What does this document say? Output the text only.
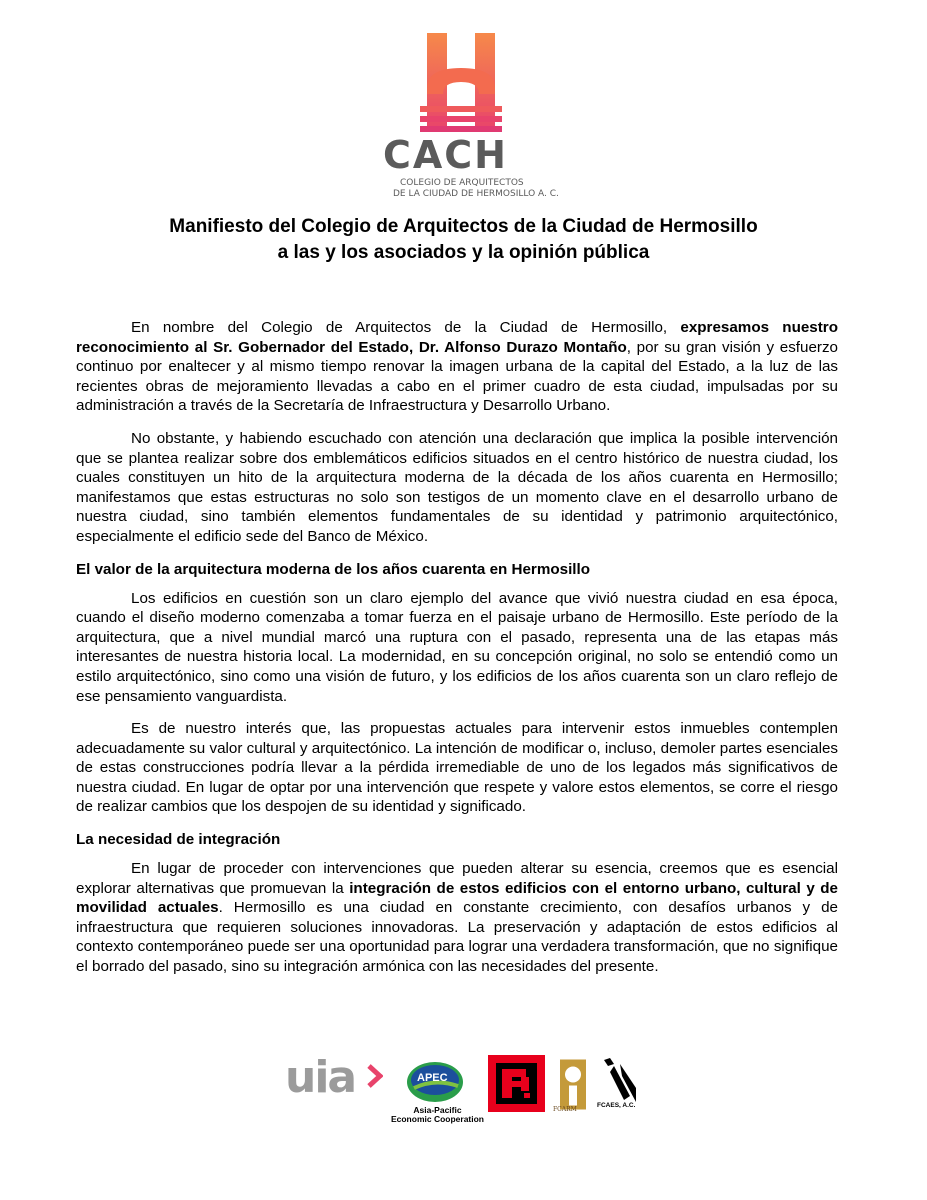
CACH
COLEGIO DE ARQUITECTOS
DE LA CIUDAD DE HERMOSILLO A. C.
Manifiesto del Colegio de Arquitectos de la Ciudad de Hermosillo
a las y los asociados y la opinión pública

En nombre del Colegio de Arquitectos de la Ciudad de Hermosillo, expresamos nuestro reconocimiento al Sr. Gobernador del Estado, Dr. Alfonso Durazo Montaño, por su gran visión y esfuerzo continuo por enaltecer y al mismo tiempo renovar la imagen urbana de la capital del Estado, a la luz de las recientes obras de mejoramiento llevadas a cabo en el primer cuadro de esta ciudad, impulsadas por su administración a través de la Secretaría de Infraestructura y Desarrollo Urbano.

No obstante, y habiendo escuchado con atención una declaración que implica la posible intervención que se plantea realizar sobre dos emblemáticos edificios situados en el centro histórico de nuestra ciudad, los cuales constituyen un hito de la arquitectura moderna de la década de los años cuarenta en Hermosillo; manifestamos que estas estructuras no solo son testigos de un momento clave en el desarrollo urbano de nuestra ciudad, sino también elementos fundamentales de su identidad y patrimonio arquitectónico, especialmente el edificio sede del Banco de México.

El valor de la arquitectura moderna de los años cuarenta en Hermosillo

Los edificios en cuestión son un claro ejemplo del avance que vivió nuestra ciudad en esa época, cuando el diseño moderno comenzaba a tomar fuerza en el paisaje urbano de Hermosillo. Este período de la arquitectura, que a nivel mundial marcó una ruptura con el pasado, representa una de las etapas más interesantes de nuestra historia local. La modernidad, en su concepción original, no solo se entendió como un estilo arquitectónico, sino como una visión de futuro, y los edificios de los años cuarenta son un claro reflejo de ese pensamiento vanguardista.

Es de nuestro interés que, las propuestas actuales para intervenir estos inmuebles contemplen adecuadamente su valor cultural y arquitectónico. La intención de modificar o, incluso, demoler partes esenciales de estas construcciones podría llevar a la pérdida irremediable de uno de los legados más significativos de nuestra ciudad. En lugar de optar por una intervención que respete y valore estos elementos, se corre el riesgo de realizar cambios que los despojen de su identidad y significado.

La necesidad de integración

En lugar de proceder con intervenciones que pueden alterar su esencia, creemos que es esencial explorar alternativas que promuevan la integración de estos edificios con el entorno urbano, cultural y de movilidad actuales. Hermosillo es una ciudad en constante crecimiento, con desafíos urbanos y de infraestructura que requieren soluciones innovadoras. La preservación y adaptación de estos edificios al contexto contemporáneo puede ser una oportunidad para lograr una verdadera transformación, que no signifique el borrado del pasado, sino su integración armónica con las necesidades del presente.

uia	APEC
Asia-Pacific
Economic Cooperation
FCARM
FCAES, A.C.
